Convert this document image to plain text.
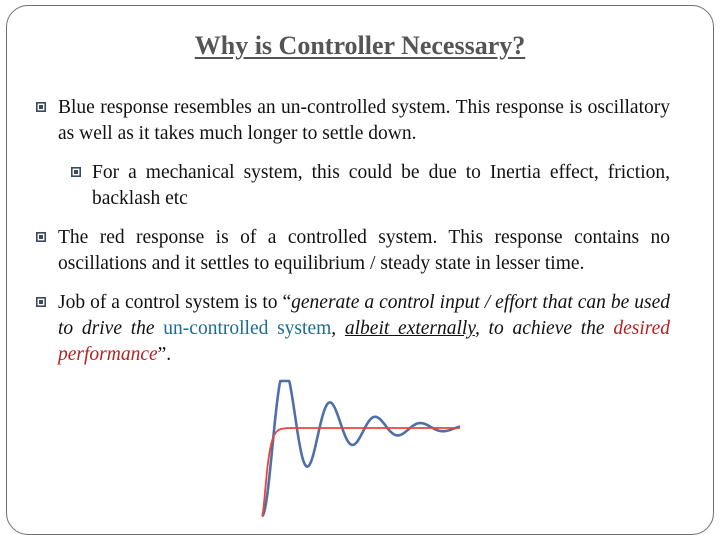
Why is Controller Necessary?
Blue response resembles an un-controlled system. This response is oscillatory as well as it takes much longer to settle down.
For a mechanical system, this could be due to Inertia effect, friction, backlash etc
The red response is of a controlled system. This response contains no oscillations and it settles to equilibrium / steady state in lesser time.
Job of a control system is to “generate a control input / effort that can be used to drive the un-controlled system, albeit externally, to achieve the desired performance”.
